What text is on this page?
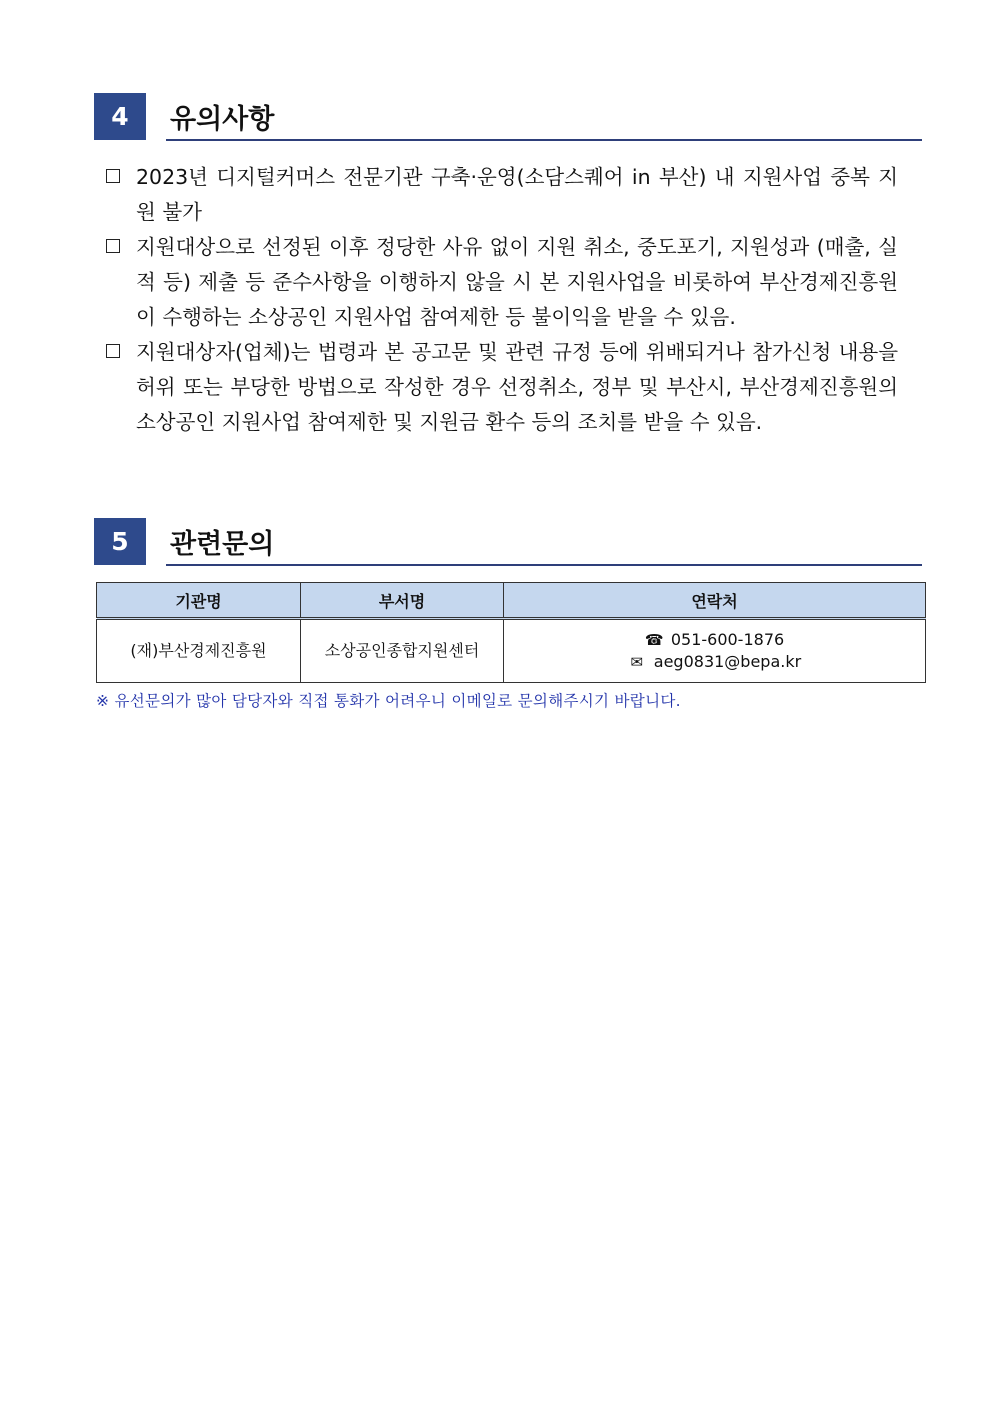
4	유의사항
2023년 디지털커머스 전문기관 구축·운영(소담스퀘어 in 부산) 내 지원사업 중복 지원 불가
지원대상으로 선정된 이후 정당한 사유 없이 지원 취소, 중도포기, 지원성과 (매출, 실적 등) 제출 등 준수사항을 이행하지 않을 시 본 지원사업을 비롯하여 부산경제진흥원이 수행하는 소상공인 지원사업 참여제한 등 불이익을 받을 수 있음.
지원대상자(업체)는 법령과 본 공고문 및 관련 규정 등에 위배되거나 참가신청 내용을 허위 또는 부당한 방법으로 작성한 경우 선정취소, 정부 및 부산시, 부산경제진흥원의 소상공인 지원사업 참여제한 및 지원금 환수 등의 조치를 받을 수 있음.
5	관련문의
기관명	부서명	연락처
(재)부산경제진흥원	소상공인종합지원센터	☎ 051-600-1876
✉ aeg0831@bepa.kr
※ 유선문의가 많아 담당자와 직접 통화가 어려우니 이메일로 문의해주시기 바랍니다.
